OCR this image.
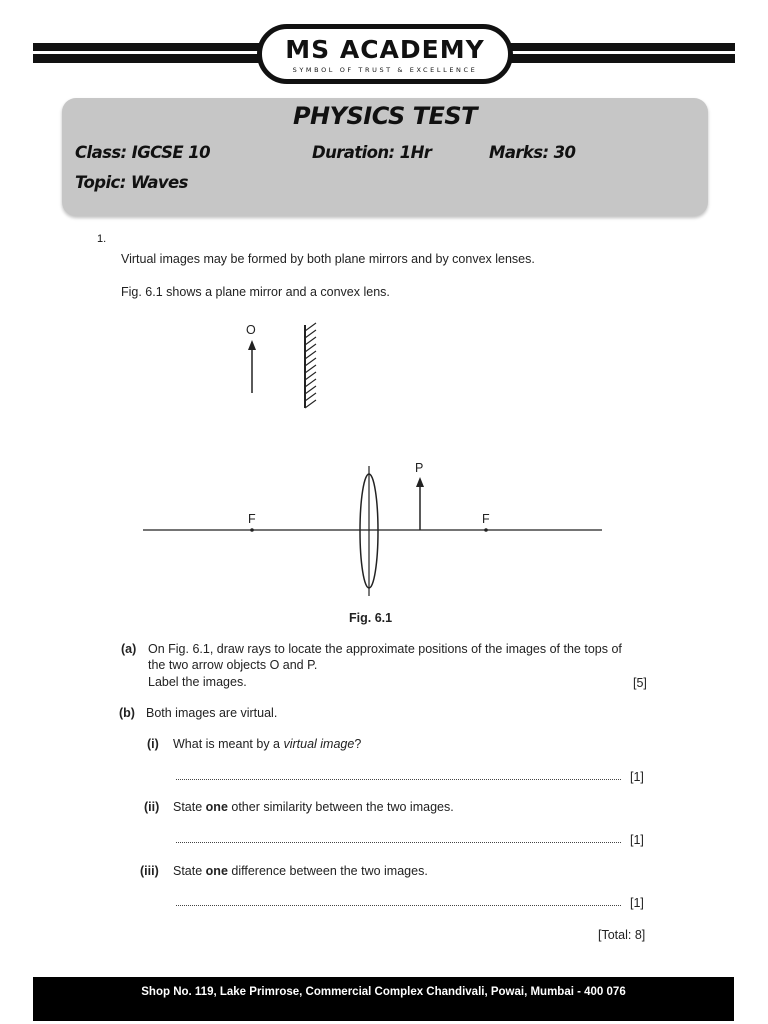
MS ACADEMY
SYMBOL OF TRUST & EXCELLENCE
PHYSICS TEST
Class: IGCSE 10	Duration: 1Hr	Marks: 30
Topic: Waves
1.
Virtual images may be formed by both plane mirrors and by convex lenses.
Fig. 6.1 shows a plane mirror and a convex lens.
O
F	F
P
Fig. 6.1
(a) On Fig. 6.1, draw rays to locate the approximate positions of the images of the tops of
the two arrow objects O and P.
Label the images.	[5]
(b) Both images are virtual.
(i) What is meant by a virtual image?
[1]
(ii) State one other similarity between the two images.
[1]
(iii) State one difference between the two images.
[1]
[Total: 8]
Shop No. 119, Lake Primrose, Commercial Complex Chandivali, Powai, Mumbai - 400 076
